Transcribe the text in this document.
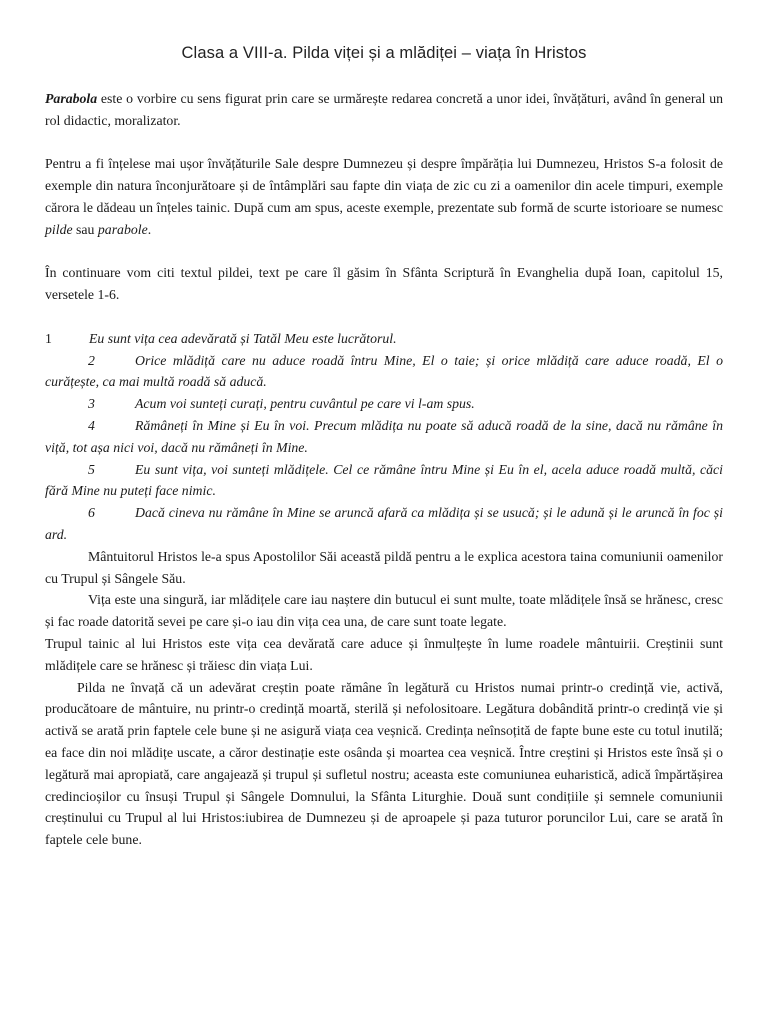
Clasa a VIII-a. Pilda viței și a mlădiței – viața în Hristos

Parabola este o vorbire cu sens figurat prin care se urmărește redarea concretă a unor idei, învățături, având în general un rol didactic, moralizator.

Pentru a fi înțelese mai ușor învățăturile Sale despre Dumnezeu și despre împărăția lui Dumnezeu, Hristos S-a folosit de exemple din natura înconjurătoare și de întâmplări sau fapte din viața de zic cu zi a oamenilor din acele timpuri, exemple cărora le dădeau un înțeles tainic. După cum am spus, aceste exemple, prezentate sub formă de scurte istorioare se numesc pilde sau parabole.

În continuare vom citi textul pildei, text pe care îl găsim în Sfânta Scriptură în Evanghelia după Ioan, capitolul 15, versetele 1-6.

1	Eu sunt vița cea adevărată și Tatăl Meu este lucrătorul.

2	Orice mlădiță care nu aduce roadă întru Mine, El o taie; și orice mlădiță care aduce roadă, El o curățește, ca mai multă roadă să aducă.

3	Acum voi sunteți curați, pentru cuvântul pe care vi l-am spus.

4	Rămâneți în Mine și Eu în voi. Precum mlădița nu poate să aducă roadă de la sine, dacă nu rămâne în viță, tot așa nici voi, dacă nu rămâneți în Mine.

5	Eu sunt vița, voi sunteți mlădițele. Cel ce rămâne întru Mine și Eu în el, acela aduce roadă multă, căci fără Mine nu puteți face nimic.

6	Dacă cineva nu rămâne în Mine se aruncă afară ca mlădița și se usucă; și le adună și le aruncă în foc și ard.

Mântuitorul Hristos le-a spus Apostolilor Săi această pildă pentru a le explica acestora taina comuniunii oamenilor cu Trupul și Sângele Său.

Vița este una singură, iar mlădițele care iau naștere din butucul ei sunt multe, toate mlădițele însă se hrănesc, cresc și fac roade datorită sevei pe care și-o iau din vița cea una, de care sunt toate legate.

Trupul tainic al lui Hristos este vița cea devărată care aduce și înmulțește în lume roadele mântuirii. Creștinii sunt mlădițele care se hrănesc și trăiesc din viața Lui.

Pilda ne învață că un adevărat creștin poate rămâne în legătură cu Hristos numai printr-o credință vie, activă, producătoare de mântuire, nu printr-o credință moartă, sterilă și nefolositoare. Legătura dobândită printr-o credință vie și activă se arată prin faptele cele bune și ne asigură viața cea veșnică. Credința neînsoțită de fapte bune este cu totul inutilă; ea face din noi mlădițe uscate, a căror destinație este osânda și moartea cea veșnică. Între creștini și Hristos este însă și o legătură mai apropiată, care angajează și trupul și sufletul nostru; aceasta este comuniunea euharistică, adică împărtășirea credincioșilor cu însuși Trupul și Sângele Domnului, la Sfânta Liturghie. Două sunt condițiile și semnele comuniunii creștinului cu Trupul al lui Hristos:iubirea de Dumnezeu și de aproapele și paza tuturor poruncilor Lui, care se arată în faptele cele bune.
